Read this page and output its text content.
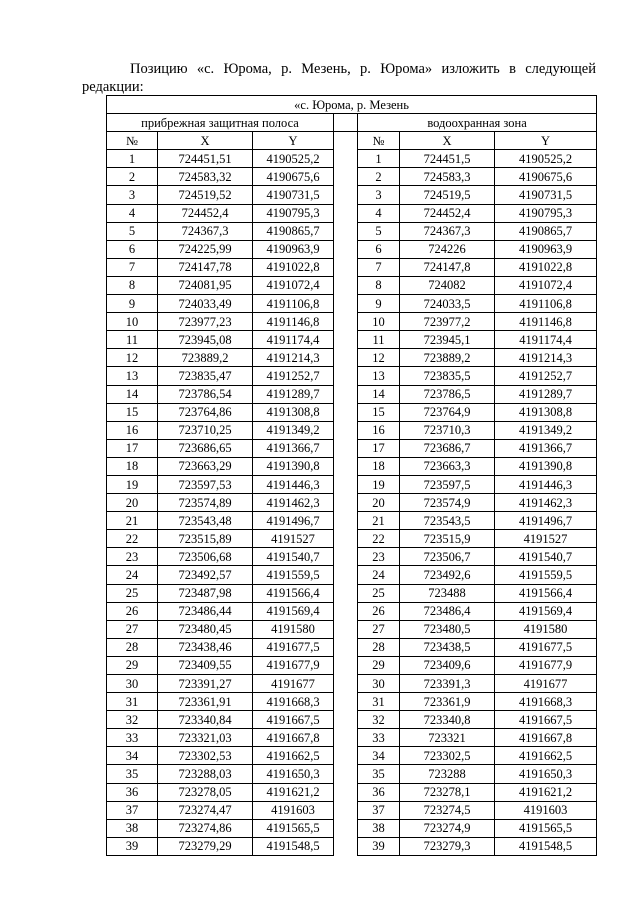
Позицию «с. Юрома, р. Мезень, р. Юрома» изложить в следующей
редакции:
«с. Юрома, р. Мезень						
прибрежная защитная полоса				водоохранная зона		
№	X	Y		№	X	Y
1	724451,51	4190525,2		1	724451,5	4190525,2
2	724583,32	4190675,6		2	724583,3	4190675,6
3	724519,52	4190731,5		3	724519,5	4190731,5
4	724452,4	4190795,3		4	724452,4	4190795,3
5	724367,3	4190865,7		5	724367,3	4190865,7
6	724225,99	4190963,9		6	724226	4190963,9
7	724147,78	4191022,8		7	724147,8	4191022,8
8	724081,95	4191072,4		8	724082	4191072,4
9	724033,49	4191106,8		9	724033,5	4191106,8
10	723977,23	4191146,8		10	723977,2	4191146,8
11	723945,08	4191174,4		11	723945,1	4191174,4
12	723889,2	4191214,3		12	723889,2	4191214,3
13	723835,47	4191252,7		13	723835,5	4191252,7
14	723786,54	4191289,7		14	723786,5	4191289,7
15	723764,86	4191308,8		15	723764,9	4191308,8
16	723710,25	4191349,2		16	723710,3	4191349,2
17	723686,65	4191366,7		17	723686,7	4191366,7
18	723663,29	4191390,8		18	723663,3	4191390,8
19	723597,53	4191446,3		19	723597,5	4191446,3
20	723574,89	4191462,3		20	723574,9	4191462,3
21	723543,48	4191496,7		21	723543,5	4191496,7
22	723515,89	4191527		22	723515,9	4191527
23	723506,68	4191540,7		23	723506,7	4191540,7
24	723492,57	4191559,5		24	723492,6	4191559,5
25	723487,98	4191566,4		25	723488	4191566,4
26	723486,44	4191569,4		26	723486,4	4191569,4
27	723480,45	4191580		27	723480,5	4191580
28	723438,46	4191677,5		28	723438,5	4191677,5
29	723409,55	4191677,9		29	723409,6	4191677,9
30	723391,27	4191677		30	723391,3	4191677
31	723361,91	4191668,3		31	723361,9	4191668,3
32	723340,84	4191667,5		32	723340,8	4191667,5
33	723321,03	4191667,8		33	723321	4191667,8
34	723302,53	4191662,5		34	723302,5	4191662,5
35	723288,03	4191650,3		35	723288	4191650,3
36	723278,05	4191621,2		36	723278,1	4191621,2
37	723274,47	4191603		37	723274,5	4191603
38	723274,86	4191565,5		38	723274,9	4191565,5
39	723279,29	4191548,5		39	723279,3	4191548,5
